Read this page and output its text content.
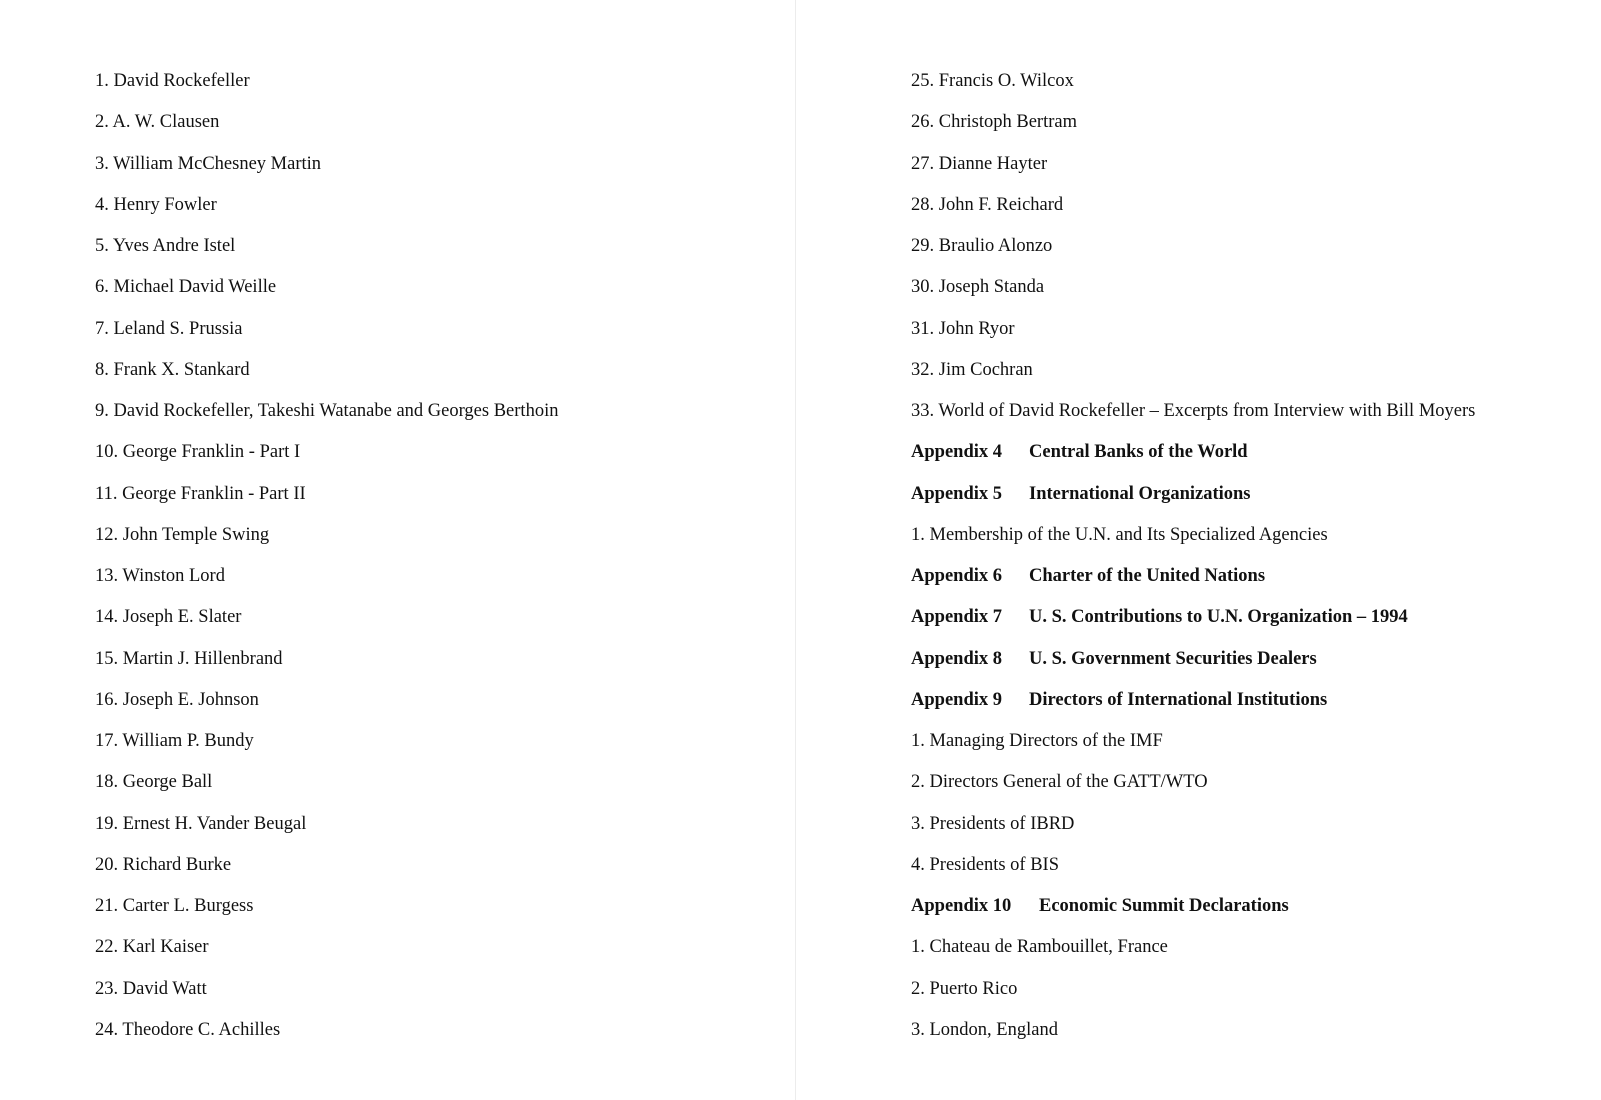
1. David Rockefeller
2. A. W. Clausen
3. William McChesney Martin
4. Henry Fowler
5. Yves Andre Istel
6. Michael David Weille
7. Leland S. Prussia
8. Frank X. Stankard
9. David Rockefeller, Takeshi Watanabe and Georges Berthoin
10. George Franklin - Part I
11. George Franklin - Part II
12. John Temple Swing
13. Winston Lord
14. Joseph E. Slater
15. Martin J. Hillenbrand
16. Joseph E. Johnson
17. William P. Bundy
18. George Ball
19. Ernest H. Vander Beugal
20. Richard Burke
21. Carter L. Burgess
22. Karl Kaiser
23. David Watt
24. Theodore C. Achilles
25. Francis O. Wilcox
26. Christoph Bertram
27. Dianne Hayter
28. John F. Reichard
29. Braulio Alonzo
30. Joseph Standa
31. John Ryor
32. Jim Cochran
33. World of David Rockefeller – Excerpts from Interview with Bill Moyers
Appendix 4 Central Banks of the World
Appendix 5 International Organizations
1. Membership of the U.N. and Its Specialized Agencies
Appendix 6 Charter of the United Nations
Appendix 7 U. S. Contributions to U.N. Organization – 1994
Appendix 8 U. S. Government Securities Dealers
Appendix 9 Directors of International Institutions
1. Managing Directors of the IMF
2. Directors General of the GATT/WTO
3. Presidents of IBRD
4. Presidents of BIS
Appendix 10 Economic Summit Declarations
1. Chateau de Rambouillet, France
2. Puerto Rico
3. London, England
